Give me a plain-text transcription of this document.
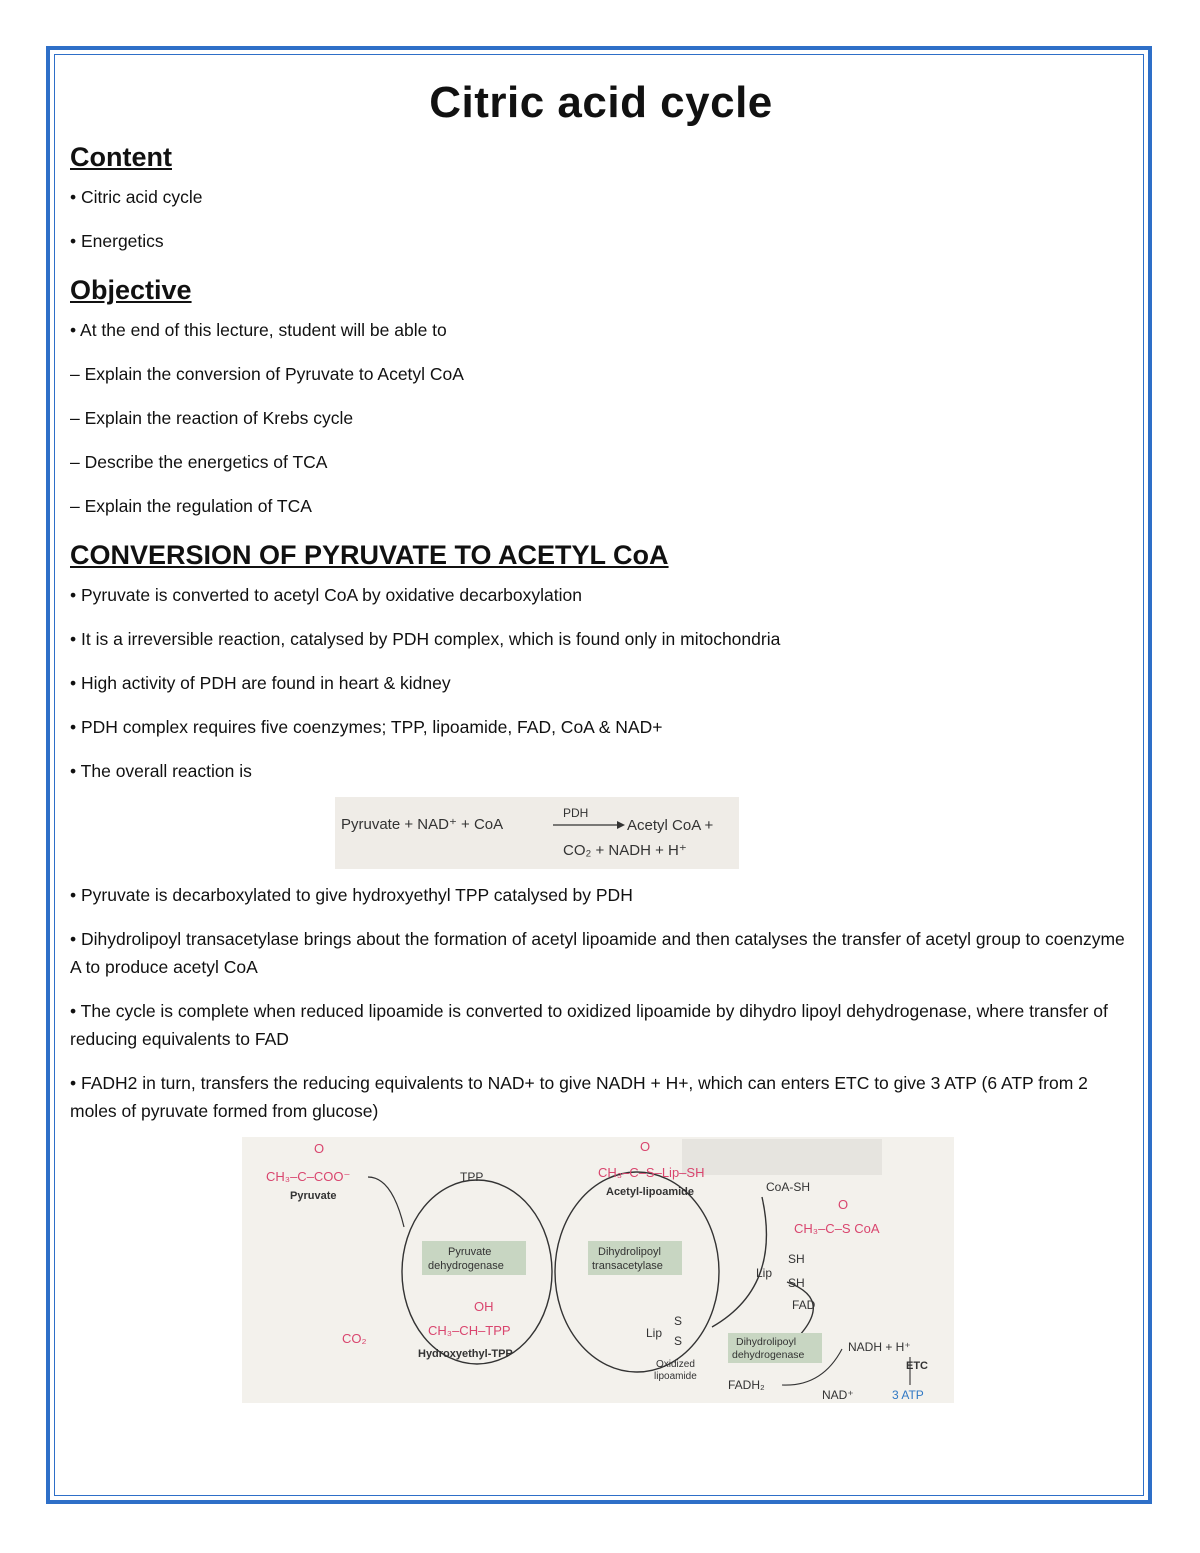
Citric acid cycle
Content

• Citric acid cycle

• Energetics

Objective

• At the end of this lecture, student will be able to

– Explain the conversion of Pyruvate to Acetyl CoA

– Explain the reaction of Krebs cycle

– Describe the energetics of TCA

– Explain the regulation of TCA

CONVERSION OF PYRUVATE TO ACETYL CoA

• Pyruvate is converted to acetyl CoA by oxidative decarboxylation

• It is a irreversible reaction, catalysed by PDH complex, which is found only in mitochondria

• High activity of PDH are found in heart & kidney

• PDH complex requires five coenzymes; TPP, lipoamide, FAD, CoA & NAD+

• The overall reaction is

Pyruvate + NAD⁺ + CoA
PDH
Acetyl CoA +
CO₂ + NADH + H⁺

• Pyruvate is decarboxylated to give hydroxyethyl TPP catalysed by PDH

• Dihydrolipoyl transacetylase brings about the formation of acetyl lipoamide and then catalyses the transfer of acetyl group to coenzyme A to produce acetyl CoA

• The cycle is complete when reduced lipoamide is converted to oxidized lipoamide by dihydro lipoyl dehydrogenase, where transfer of reducing equivalents to FAD

• FADH2 in turn, transfers the reducing equivalents to NAD+ to give NADH + H+, which can enters ETC to give 3 ATP (6 ATP from 2 moles of pyruvate formed from glucose)

O
CH₃–C–COO⁻
Pyruvate
TPP
O
CH₃–C–S–Lip–SH
Acetyl-lipoamide	CoA-SH
O
CH₃–C–S CoA
Pyruvate
dehydrogenase
Dihydrolipoyl
transacetylase	Lip
SH
SH
OH
CH₃–CH–TPP
Hydroxyethyl-TPP
CO₂	Lip
S
S
Oxidized
lipoamide
FAD
Dihydrolipoyl
dehydrogenase
NADH + H⁺
ETC
3 ATP
FADH₂
NAD⁺
